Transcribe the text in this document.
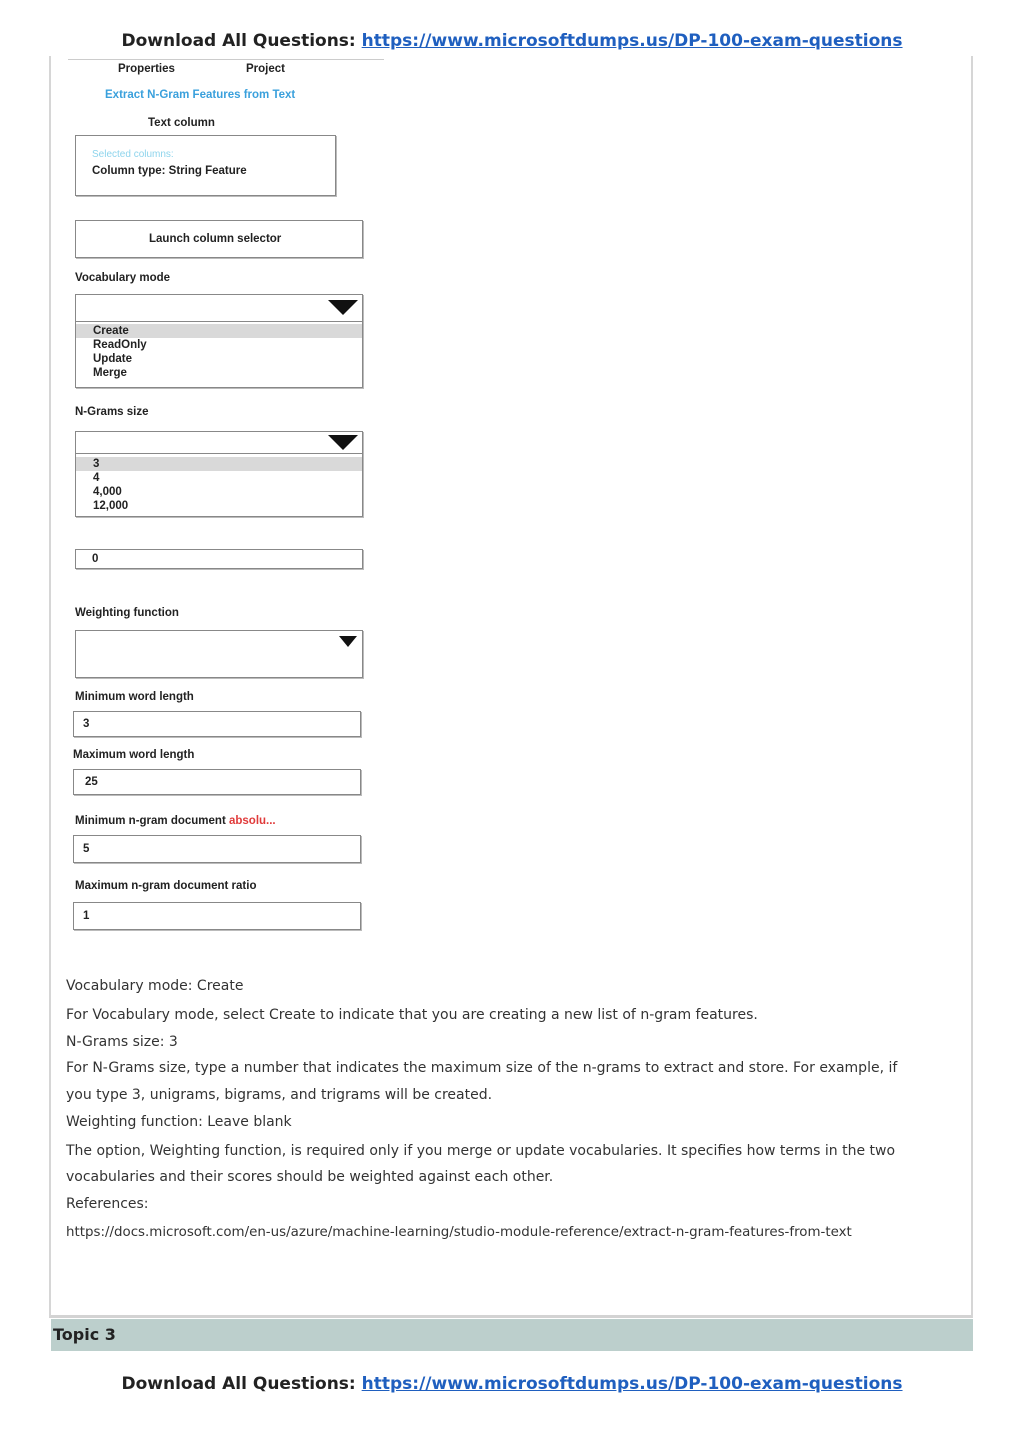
Download All Questions: https://www.microsoftdumps.us/DP-100-exam-questions
Properties	Project
Extract N-Gram Features from Text
Text column
Selected columns:
Column type: String Feature
Launch column selector
Vocabulary mode
Create
ReadOnly
Update
Merge
N-Grams size
3
4
4,000
12,000
0
Weighting function
Minimum word length
3
Maximum word length
25
Minimum n-gram document absolu...
5
Maximum n-gram document ratio
1

Vocabulary mode: Create

For Vocabulary mode, select Create to indicate that you are creating a new list of n-gram features.

N-Grams size: 3

For N-Grams size, type a number that indicates the maximum size of the n-grams to extract and store. For example, if

you type 3, unigrams, bigrams, and trigrams will be created.

Weighting function: Leave blank

The option, Weighting function, is required only if you merge or update vocabularies. It specifies how terms in the two

vocabularies and their scores should be weighted against each other.

References:

https://docs.microsoft.com/en-us/azure/machine-learning/studio-module-reference/extract-n-gram-features-from-text

Topic 3
Download All Questions: https://www.microsoftdumps.us/DP-100-exam-questions
